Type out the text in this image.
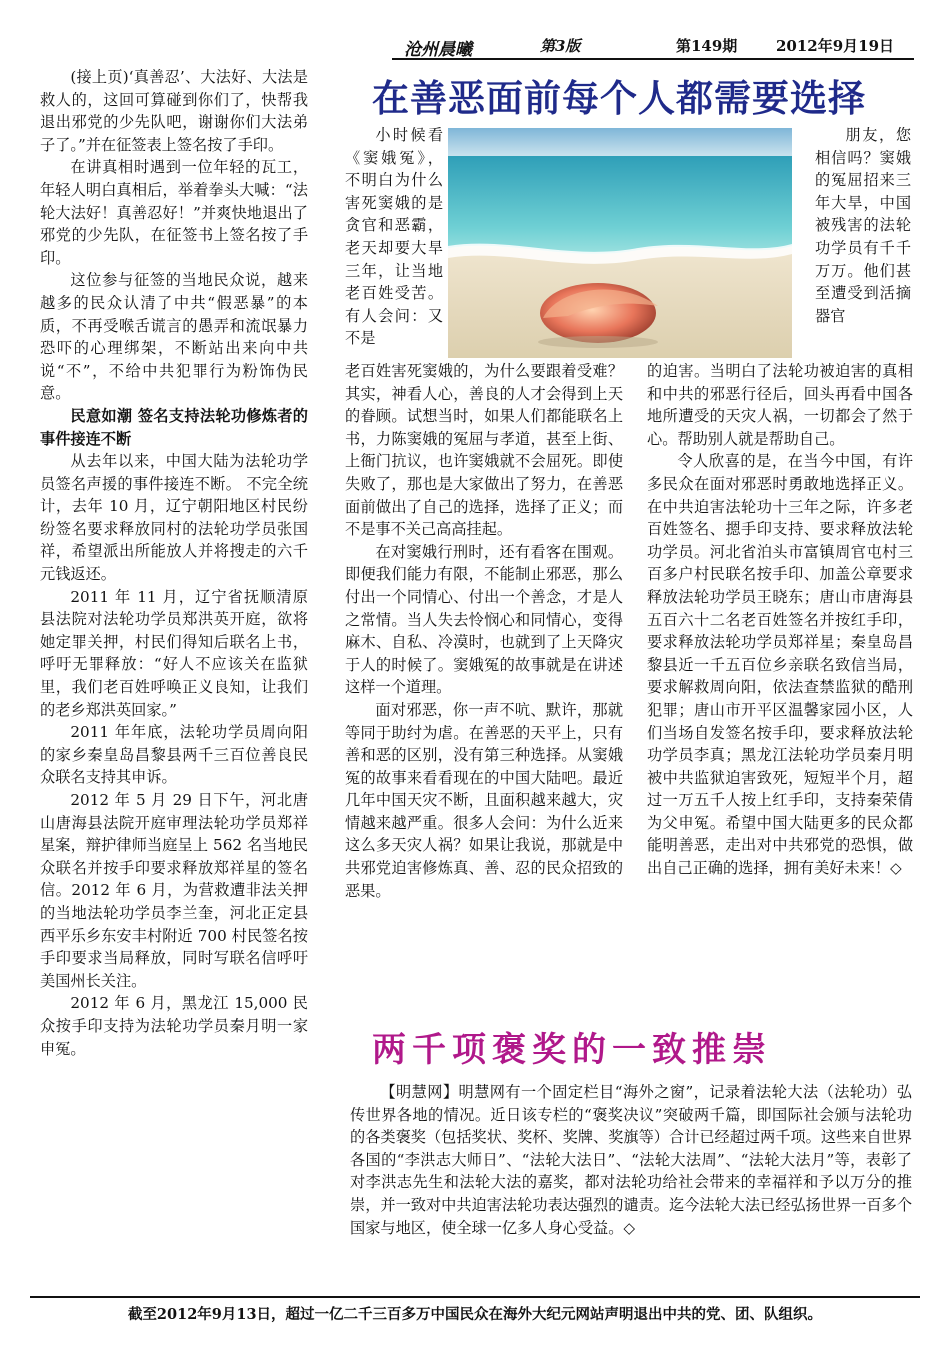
沧州晨曦	第3版	第149期	2012年9月19日

(接上页)‘真善忍’、大法好、大法是救人的，这回可算碰到你们了，快帮我退出邪党的少先队吧，谢谢你们大法弟子了。”并在征签表上签名按了手印。

在讲真相时遇到一位年轻的瓦工，年轻人明白真相后，举着拳头大喊：“法轮大法好！真善忍好！”并爽快地退出了邪党的少先队，在征签书上签名按了手印。

这位参与征签的当地民众说，越来越多的民众认清了中共“假恶暴”的本质，不再受喉舌谎言的愚弄和流氓暴力恐吓的心理绑架，不断站出来向中共说“不”，不给中共犯罪行为粉饰伪民意。

民意如潮 签名支持法轮功修炼者的事件接连不断

从去年以来，中国大陆为法轮功学员签名声援的事件接连不断。 不完全统计，去年 10 月，辽宁朝阳地区村民纷纷签名要求释放同村的法轮功学员张国祥，希望派出所能放人并将搜走的六千元钱返还。

2011 年 11 月，辽宁省抚顺清原县法院对法轮功学员郑洪英开庭，欲将她定罪关押，村民们得知后联名上书，呼吁无罪释放：“好人不应该关在监狱里，我们老百姓呼唤正义良知，让我们的老乡郑洪英回家。”

2011 年年底，法轮功学员周向阳的家乡秦皇岛昌黎县两千三百位善良民众联名支持其申诉。

2012 年 5 月 29 日下午，河北唐山唐海县法院开庭审理法轮功学员郑祥星案，辩护律师当庭呈上 562 名当地民众联名并按手印要求释放郑祥星的签名信。2012 年 6 月，为营救遭非法关押的当地法轮功学员李兰奎，河北正定县西平乐乡东安丰村附近 700 村民签名按手印要求当局释放，同时写联名信呼吁美国州长关注。

2012 年 6 月，黑龙江 15,000 民众按手印支持为法轮功学员秦月明一家申冤。

在善恶面前每个人都需要选择

小时候看《窦娥冤》，不明白为什么害死窦娥的是贪官和恶霸，老天却要大旱三年，让当地老百姓受苦。有人会问：又不是

朋友，您相信吗？窦娥的冤屈招来三年大旱，中国被残害的法轮功学员有千千万万。他们甚至遭受到活摘器官

老百姓害死窦娥的，为什么要跟着受难？其实，神看人心，善良的人才会得到上天的眷顾。试想当时，如果人们都能联名上书，力陈窦娥的冤屈与孝道，甚至上街、上衙门抗议，也许窦娥就不会屈死。即使失败了，那也是大家做出了努力，在善恶面前做出了自己的选择，选择了正义；而不是事不关己高高挂起。

在对窦娥行刑时，还有看客在围观。即便我们能力有限，不能制止邪恶，那么付出一个同情心、付出一个善念，才是人之常情。当人失去怜悯心和同情心，变得麻木、自私、冷漠时，也就到了上天降灾于人的时候了。窦娥冤的故事就是在讲述这样一个道理。

面对邪恶，你一声不吭、默许，那就等同于助纣为虐。在善恶的天平上，只有善和恶的区别，没有第三种选择。从窦娥冤的故事来看看现在的中国大陆吧。最近几年中国天灾不断，且面积越来越大，灾情越来越严重。很多人会问：为什么近来这么多天灾人祸？如果让我说，那就是中共邪党迫害修炼真、善、忍的民众招致的恶果。

的迫害。当明白了法轮功被迫害的真相和中共的邪恶行径后，回头再看中国各地所遭受的天灾人祸，一切都会了然于心。帮助别人就是帮助自己。

令人欣喜的是，在当今中国，有许多民众在面对邪恶时勇敢地选择正义。在中共迫害法轮功十三年之际，许多老百姓签名、摁手印支持、要求释放法轮功学员。河北省泊头市富镇周官屯村三百多户村民联名按手印、加盖公章要求释放法轮功学员王晓东；唐山市唐海县五百六十二名老百姓签名并按红手印，要求释放法轮功学员郑祥星；秦皇岛昌黎县近一千五百位乡亲联名致信当局，要求解救周向阳，依法查禁监狱的酷刑犯罪；唐山市开平区温馨家园小区，人们当场自发签名按手印，要求释放法轮功学员李真；黑龙江法轮功学员秦月明被中共监狱迫害致死，短短半个月，超过一万五千人按上红手印，支持秦荣倩为父申冤。希望中国大陆更多的民众都能明善恶，走出对中共邪党的恐惧，做出自己正确的选择，拥有美好未来！◇

两千项褒奖的一致推崇

【明慧网】明慧网有一个固定栏目“海外之窗”，记录着法轮大法（法轮功）弘传世界各地的情况。近日该专栏的“褒奖决议”突破两千篇，即国际社会颁与法轮功的各类褒奖（包括奖状、奖杯、奖牌、奖旗等）合计已经超过两千项。这些来自世界各国的“李洪志大师日”、“法轮大法日”、“法轮大法周”、“法轮大法月”等，表彰了对李洪志先生和法轮大法的嘉奖，都对法轮功给社会带来的幸福祥和予以万分的推崇，并一致对中共迫害法轮功表达强烈的谴责。迄今法轮大法已经弘扬世界一百多个国家与地区，使全球一亿多人身心受益。◇

截至2012年9月13日，超过一亿二千三百多万中国民众在海外大纪元网站声明退出中共的党、团、队组织。
